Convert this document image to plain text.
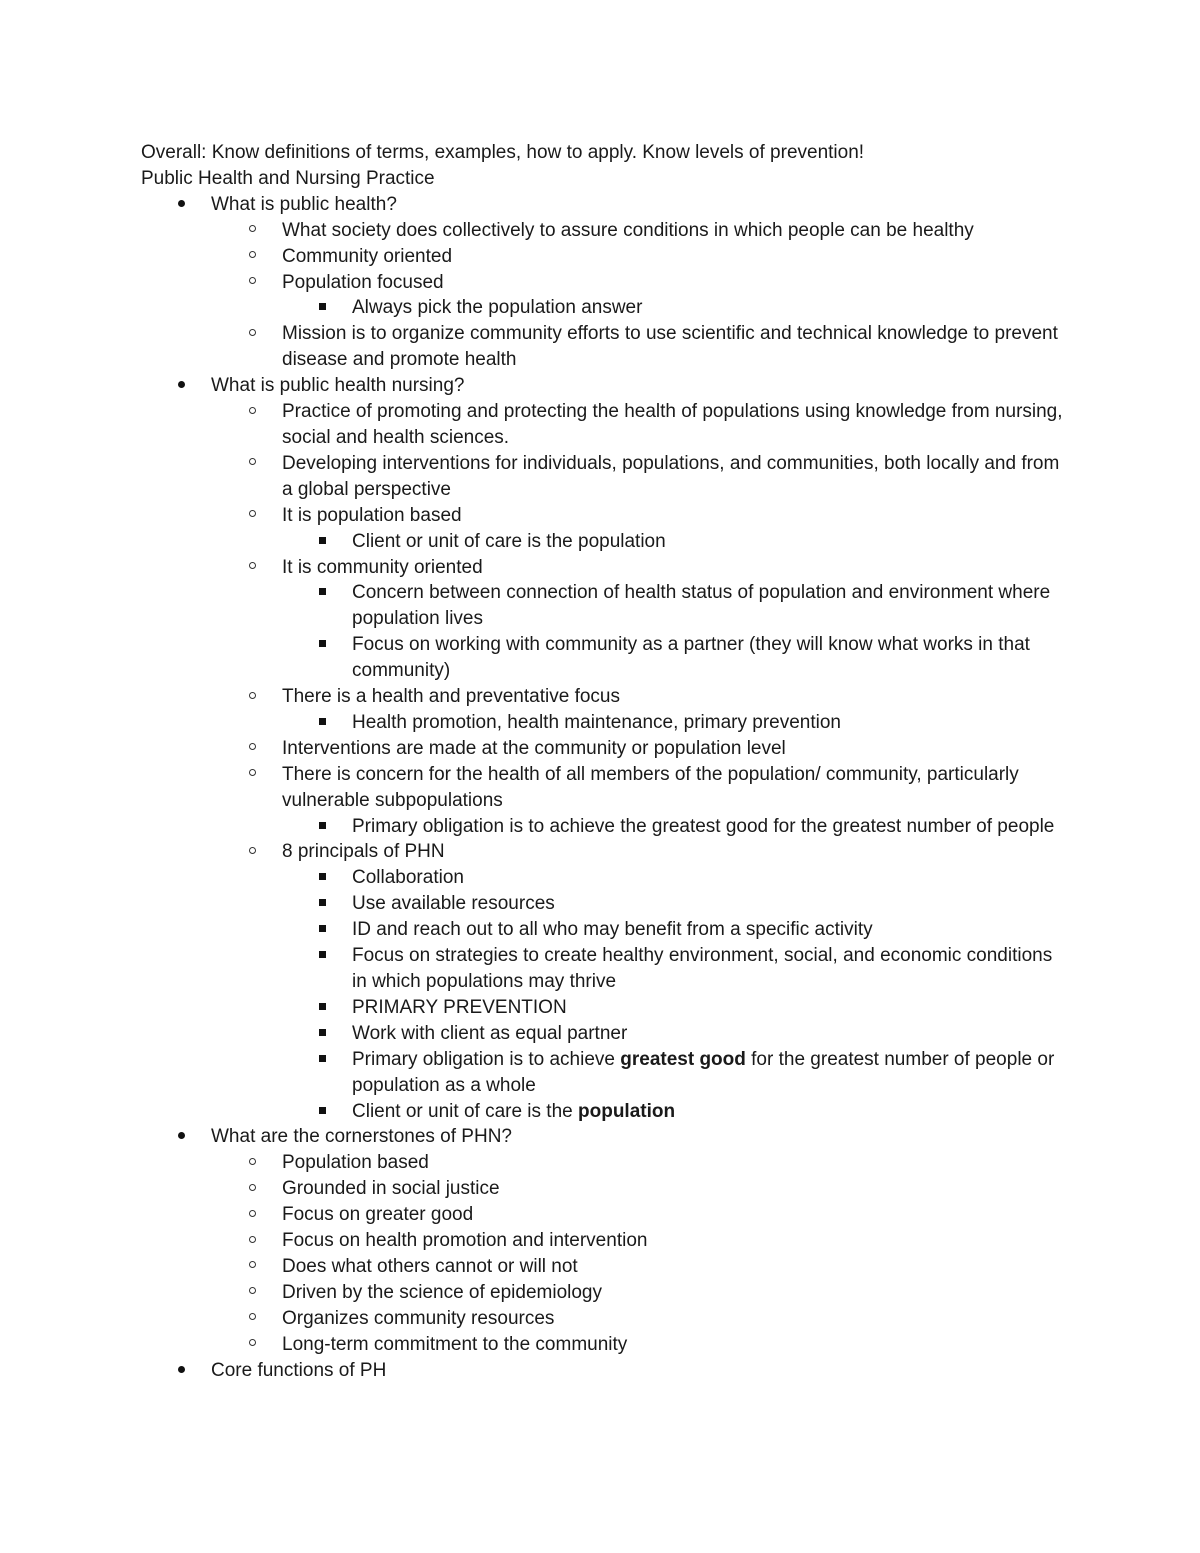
Overall: Know definitions of terms, examples, how to apply. Know levels of prevention!
Public Health and Nursing Practice
What is public health?
What society does collectively to assure conditions in which people can be healthy
Community oriented
Population focused
Always pick the population answer
Mission is to organize community efforts to use scientific and technical knowledge to prevent disease and promote health
What is public health nursing?
Practice of promoting and protecting the health of populations using knowledge from nursing, social and health sciences.
Developing interventions for individuals, populations, and communities, both locally and from a global perspective
It is population based
Client or unit of care is the population
It is community oriented
Concern between connection of health status of population and environment where population lives
Focus on working with community as a partner (they will know what works in that community)
There is a health and preventative focus
Health promotion, health maintenance, primary prevention
Interventions are made at the community or population level
There is concern for the health of all members of the population/ community, particularly vulnerable subpopulations
Primary obligation is to achieve the greatest good for the greatest number of people
8 principals of PHN
Collaboration
Use available resources
ID and reach out to all who may benefit from a specific activity
Focus on strategies to create healthy environment, social, and economic conditions in which populations may thrive
PRIMARY PREVENTION
Work with client as equal partner
Primary obligation is to achieve greatest good for the greatest number of people or population as a whole
Client or unit of care is the population
What are the cornerstones of PHN?
Population based
Grounded in social justice
Focus on greater good
Focus on health promotion and intervention
Does what others cannot or will not
Driven by the science of epidemiology
Organizes community resources
Long-term commitment to the community
Core functions of PH
